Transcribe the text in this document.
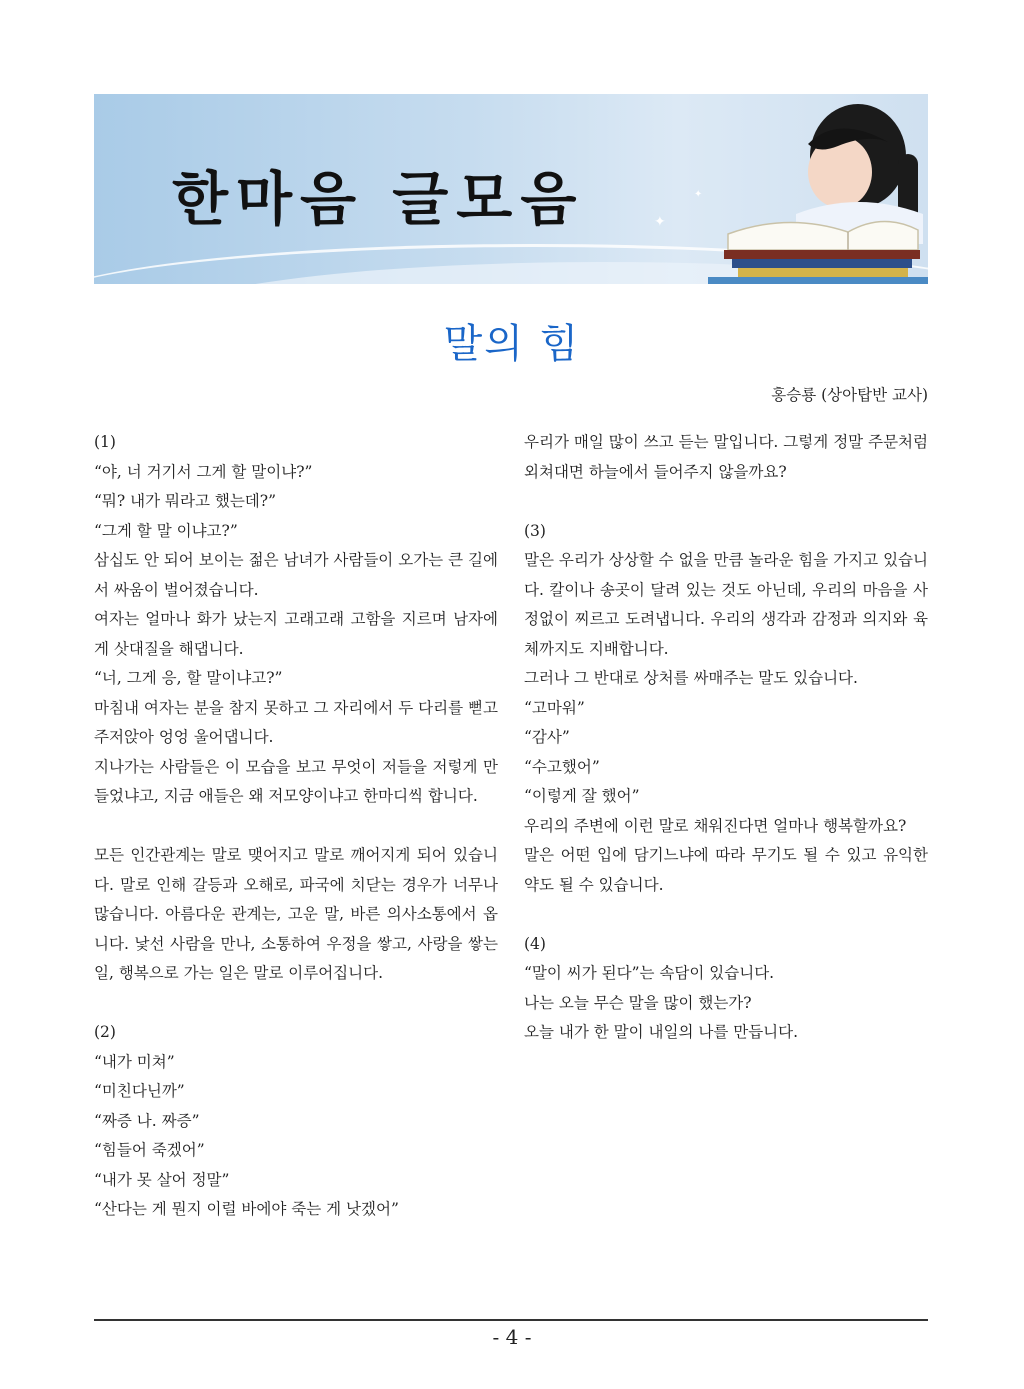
한마음 글모음	✦
✦
말의 힘
홍승룡 (상아탑반 교사)

(1)

“야, 너 거기서 그게 할 말이냐?”

“뭐? 내가 뭐라고 했는데?”

“그게 할 말 이냐고?”

삼십도 안 되어 보이는 젊은 남녀가 사람들이 오가는 큰 길에서 싸움이 벌어졌습니다.

여자는 얼마나 화가 났는지 고래고래 고함을 지르며 남자에게 삿대질을 해댑니다.

“너, 그게 응, 할 말이냐고?”

마침내 여자는 분을 참지 못하고 그 자리에서 두 다리를 뻗고 주저앉아 엉엉 울어댑니다.

지나가는 사람들은 이 모습을 보고 무엇이 저들을 저렇게 만들었냐고, 지금 애들은 왜 저모양이냐고 한마디씩 합니다.

모든 인간관계는 말로 맺어지고 말로 깨어지게 되어 있습니다. 말로 인해 갈등과 오해로, 파국에 치닫는 경우가 너무나 많습니다. 아름다운 관계는, 고운 말, 바른 의사소통에서 옵니다. 낯선 사람을 만나, 소통하여 우정을 쌓고, 사랑을 쌓는 일, 행복으로 가는 일은 말로 이루어집니다.

(2)

“내가 미쳐”

“미친다닌까”

“짜증 나. 짜증”

“힘들어 죽겠어”

“내가 못 살어 정말”

“산다는 게 뭔지 이럴 바에야 죽는 게 낫겠어”

우리가 매일 많이 쓰고 듣는 말입니다. 그렇게 정말 주문처럼 외쳐대면 하늘에서 들어주지 않을까요?

(3)

말은 우리가 상상할 수 없을 만큼 놀라운 힘을 가지고 있습니다. 칼이나 송곳이 달려 있는 것도 아닌데, 우리의 마음을 사정없이 찌르고 도려냅니다. 우리의 생각과 감정과 의지와 육체까지도 지배합니다.

그러나 그 반대로 상처를 싸매주는 말도 있습니다.

“고마워”

“감사”

“수고했어”

“이렇게 잘 했어”

우리의 주변에 이런 말로 채워진다면 얼마나 행복할까요?

말은 어떤 입에 담기느냐에 따라 무기도 될 수 있고 유익한 약도 될 수 있습니다.

(4)

“말이 씨가 된다”는 속담이 있습니다.

나는 오늘 무슨 말을 많이 했는가?

오늘 내가 한 말이 내일의 나를 만듭니다.

- 4 -
